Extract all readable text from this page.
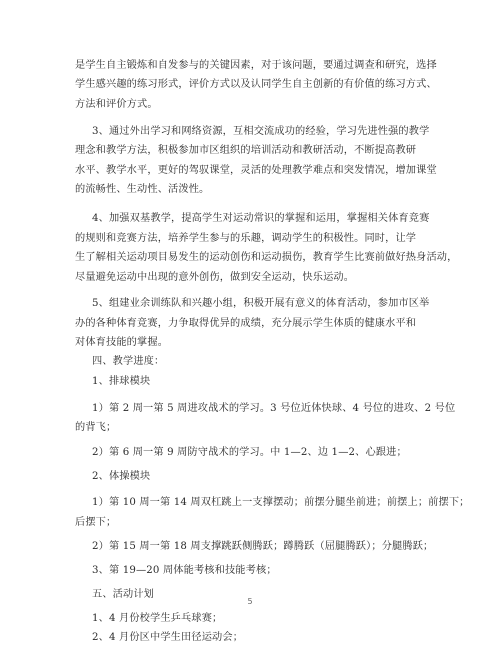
是学生自主锻炼和自发参与的关键因素，对于该问题，要通过调查和研究，选择
学生感兴趣的练习形式，评价方式以及认同学生自主创新的有价值的练习方式、
方法和评价方式。
3、通过外出学习和网络资源，互相交流成功的经验，学习先进性强的教学
理念和教学方法，积极参加市区组织的培训活动和教研活动，不断提高教研
水平、教学水平，更好的驾驭课堂，灵活的处理教学难点和突发情况，增加课堂
的流畅性、生动性、活泼性。
4、加强双基教学，提高学生对运动常识的掌握和运用，掌握相关体育竞赛
的规则和竞赛方法，培养学生参与的乐趣，调动学生的积极性。同时，让学
生了解相关运动项目易发生的运动创伤和运动损伤，教育学生比赛前做好热身活动，
尽量避免运动中出现的意外创伤，做到安全运动，快乐运动。
5、组建业余训练队和兴趣小组，积极开展有意义的体育活动，参加市区举
办的各种体育竞赛，力争取得优异的成绩，充分展示学生体质的健康水平和
对体育技能的掌握。
四、教学进度：
1、排球模块
1）第 2 周一第 5 周进攻战术的学习。3 号位近体快球、4 号位的进攻、2 号位
的背飞；
2）第 6 周一第 9 周防守战术的学习。中 1—2、边 1—2、心跟进；
2、体操模块
1）第 10 周一第 14 周双杠跳上一支撑摆动；前摆分腿坐前进；前摆上；前摆下；
后摆下；
2）第 15 周一第 18 周支撑跳跃侧腾跃；蹲腾跃（屈腿腾跃）；分腿腾跃；
3、第 19—20 周体能考核和技能考核；
五、活动计划
1、4 月份校学生乒乓球赛；
2、4 月份区中学生田径运动会；
5
